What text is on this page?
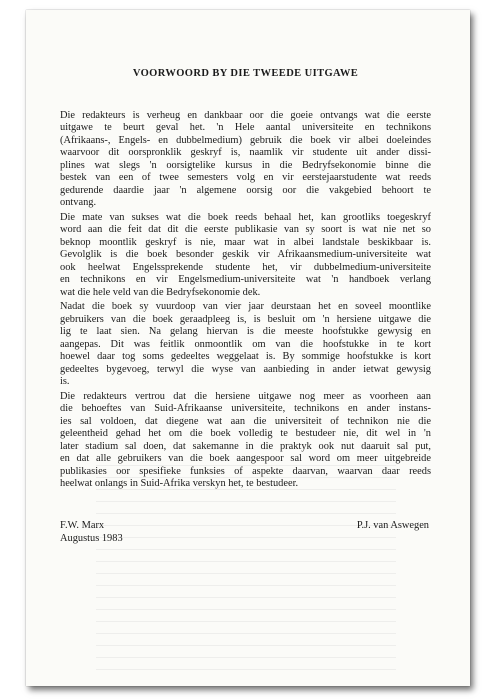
VOORWOORD BY DIE TWEEDE UITGAWE
Die redakteurs is verheug en dankbaar oor die goeie ontvangs wat die eerste
uitgawe te beurt geval het. 'n Hele aantal universiteite en technikons
(Afrikaans-, Engels- en dubbelmedium) gebruik die boek vir albei doeleindes
waarvoor dit oorspronklik geskryf is, naamlik vir studente uit ander dissi-
plines wat slegs 'n oorsigtelike kursus in die Bedryfsekonomie binne die
bestek van een of twee semesters volg en vir eerstejaarstudente wat reeds
gedurende daardie jaar 'n algemene oorsig oor die vakgebied behoort te
ontvang.
Die mate van sukses wat die boek reeds behaal het, kan grootliks toegeskryf
word aan die feit dat dit die eerste publikasie van sy soort is wat nie net so
beknop moontlik geskryf is nie, maar wat in albei landstale beskikbaar is.
Gevolglik is die boek besonder geskik vir Afrikaansmedium-universiteite wat
ook heelwat Engelssprekende studente het, vir dubbelmedium-universiteite
en technikons en vir Engelsmedium-universiteite wat 'n handboek verlang
wat die hele veld van die Bedryfsekonomie dek.
Nadat die boek sy vuurdoop van vier jaar deurstaan het en soveel moontlike
gebruikers van die boek geraadpleeg is, is besluit om 'n hersiene uitgawe die
lig te laat sien. Na gelang hiervan is die meeste hoofstukke gewysig en
aangepas. Dit was feitlik onmoontlik om van die hoofstukke in te kort
hoewel daar tog soms gedeeltes weggelaat is. By sommige hoofstukke is kort
gedeeltes bygevoeg, terwyl die wyse van aanbieding in ander ietwat gewysig
is.
Die redakteurs vertrou dat die hersiene uitgawe nog meer as voorheen aan
die behoeftes van Suid-Afrikaanse universiteite, technikons en ander instans-
ies sal voldoen, dat diegene wat aan die universiteit of technikon nie die
geleentheid gehad het om die boek volledig te bestudeer nie, dit wel in 'n
later stadium sal doen, dat sakemanne in die praktyk ook nut daaruit sal put,
en dat alle gebruikers van die boek aangespoor sal word om meer uitgebreide
publikasies oor spesifieke funksies of aspekte daarvan, waarvan daar reeds
heelwat onlangs in Suid-Afrika verskyn het, te bestudeer.
F.W. Marx
Augustus 1983
P.J. van Aswegen
